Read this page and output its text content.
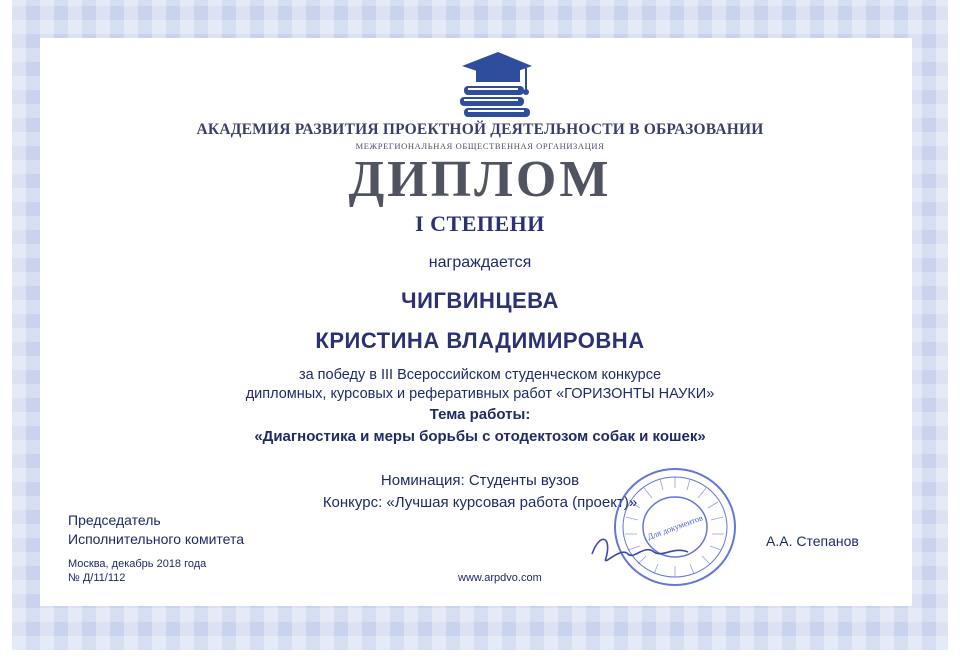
АКАДЕМИЯ РАЗВИТИЯ ПРОЕКТНОЙ ДЕЯТЕЛЬНОСТИ В ОБРАЗОВАНИИ
МЕЖРЕГИОНАЛЬНАЯ ОБЩЕСТВЕННАЯ ОРГАНИЗАЦИЯ
ДИПЛОМ
I СТЕПЕНИ
награждается
ЧИГВИНЦЕВА
КРИСТИНА ВЛАДИМИРОВНА
за победу в III Всероссийском студенческом конкурсе
дипломных, курсовых и реферативных работ «ГОРИЗОНТЫ НАУКИ»
Тема работы:
«Диагностика и меры борьбы с отодектозом собак и кошек»
Номинация: Студенты вузов
Конкурс: «Лучшая курсовая работа (проект)»
Председатель
Исполнительного комитета
Москва, декабрь 2018 года
№ Д/11/112	www.arpdvo.com
А.А. Степанов
Для документов
